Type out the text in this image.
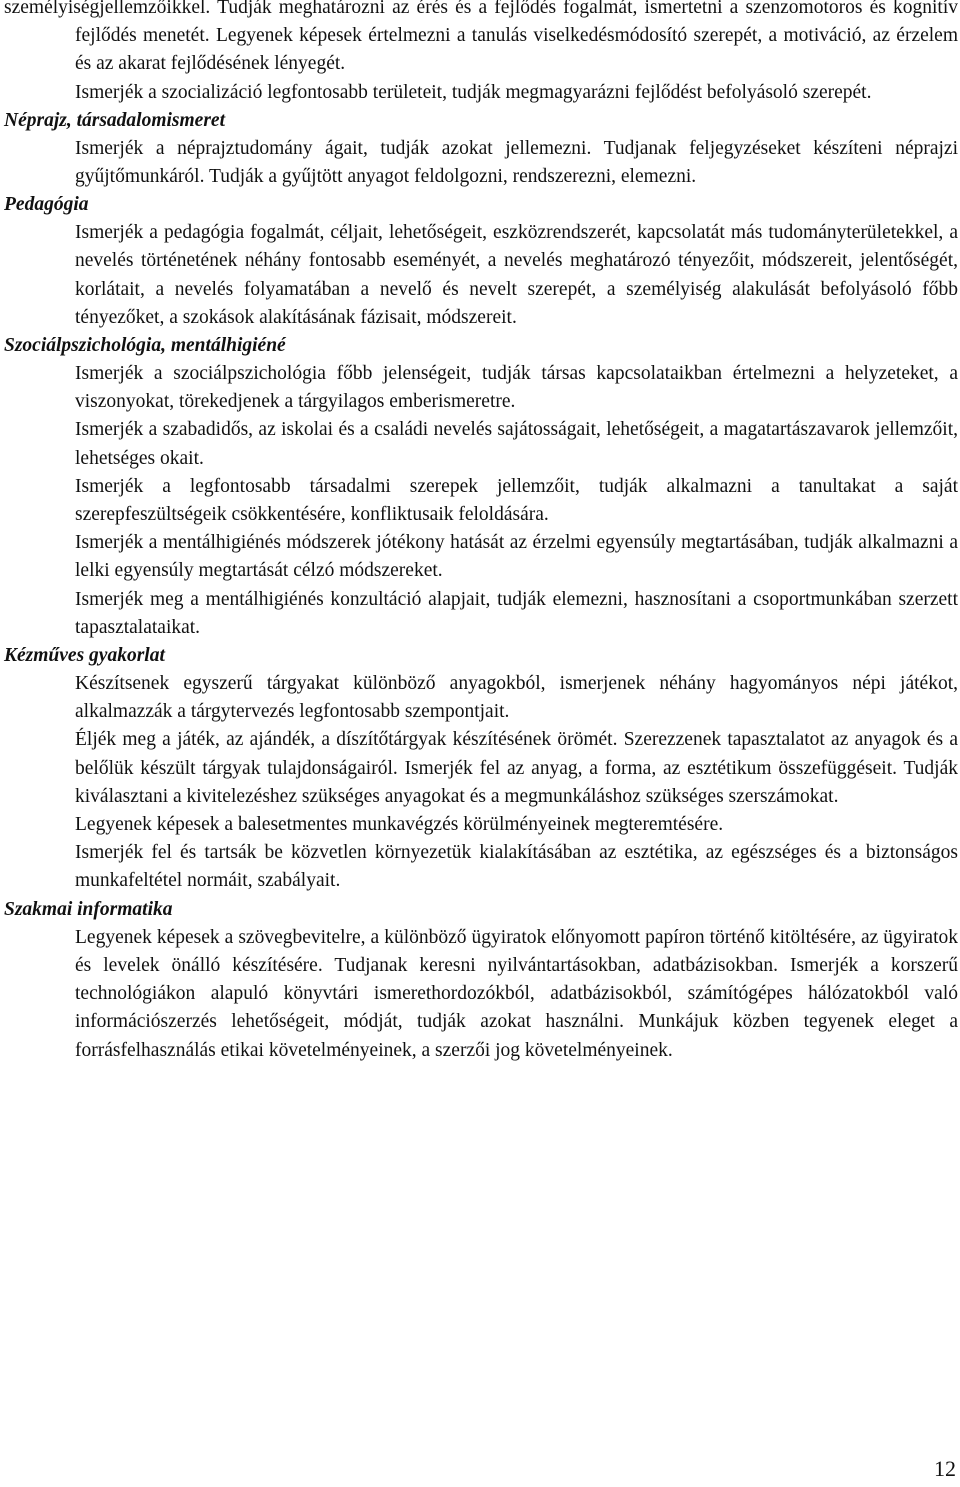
személyiségjellemzőikkel. Tudják meghatározni az érés és a fejlődés fogalmát, ismertetni a szenzomotoros és kognitív fejlődés menetét. Legyenek képesek értelmezni a tanulás viselkedésmódosító szerepét, a motiváció, az érzelem és az akarat fejlődésének lényegét.

Ismerjék a szocializáció legfontosabb területeit, tudják megmagyarázni fejlődést befolyásoló szerepét.

Néprajz, társadalomismeret

Ismerjék a néprajztudomány ágait, tudják azokat jellemezni. Tudjanak feljegyzéseket készíteni néprajzi gyűjtőmunkáról. Tudják a gyűjtött anyagot feldolgozni, rendszerezni, elemezni.

Pedagógia

Ismerjék a pedagógia fogalmát, céljait, lehetőségeit, eszközrendszerét, kapcsolatát más tudományterületekkel, a nevelés történetének néhány fontosabb eseményét, a nevelés meghatározó tényezőit, módszereit, jelentőségét, korlátait, a nevelés folyamatában a nevelő és nevelt szerepét, a személyiség alakulását befolyásoló főbb tényezőket, a szokások alakításának fázisait, módszereit.

Szociálpszichológia, mentálhigiéné

Ismerjék a szociálpszichológia főbb jelenségeit, tudják társas kapcsolataikban értelmezni a helyzeteket, a viszonyokat, törekedjenek a tárgyilagos emberismeretre.

Ismerjék a szabadidős, az iskolai és a családi nevelés sajátosságait, lehetőségeit, a magatartászavarok jellemzőit, lehetséges okait.

Ismerjék a legfontosabb társadalmi szerepek jellemzőit, tudják alkalmazni a tanultakat a saját szerepfeszültségeik csökkentésére, konfliktusaik feloldására.

Ismerjék a mentálhigiénés módszerek jótékony hatását az érzelmi egyensúly megtartásában, tudják alkalmazni a lelki egyensúly megtartását célzó módszereket.

Ismerjék meg a mentálhigiénés konzultáció alapjait, tudják elemezni, hasznosítani a csoportmunkában szerzett tapasztalataikat.

Kézműves gyakorlat

Készítsenek egyszerű tárgyakat különböző anyagokból, ismerjenek néhány hagyományos népi játékot, alkalmazzák a tárgytervezés legfontosabb szempontjait.

Éljék meg a játék, az ajándék, a díszítőtárgyak készítésének örömét. Szerezzenek tapasztalatot az anyagok és a belőlük készült tárgyak tulajdonságairól. Ismerjék fel az anyag, a forma, az esztétikum összefüggéseit. Tudják kiválasztani a kivitelezéshez szükséges anyagokat és a megmunkáláshoz szükséges szerszámokat.

Legyenek képesek a balesetmentes munkavégzés körülményeinek megteremtésére.

Ismerjék fel és tartsák be közvetlen környezetük kialakításában az esztétika, az egészséges és a biztonságos munkafeltétel normáit, szabályait.

Szakmai informatika

Legyenek képesek a szövegbevitelre, a különböző ügyiratok előnyomott papíron történő kitöltésére, az ügyiratok és levelek önálló készítésére. Tudjanak keresni nyilvántartásokban, adatbázisokban. Ismerjék a korszerű technológiákon alapuló könyvtári ismerethordozókból, adatbázisokból, számítógépes hálózatokból való információszerzés lehetőségeit, módját, tudják azokat használni. Munkájuk közben tegyenek eleget a forrásfelhasználás etikai követelményeinek, a szerzői jog követelményeinek.

12
